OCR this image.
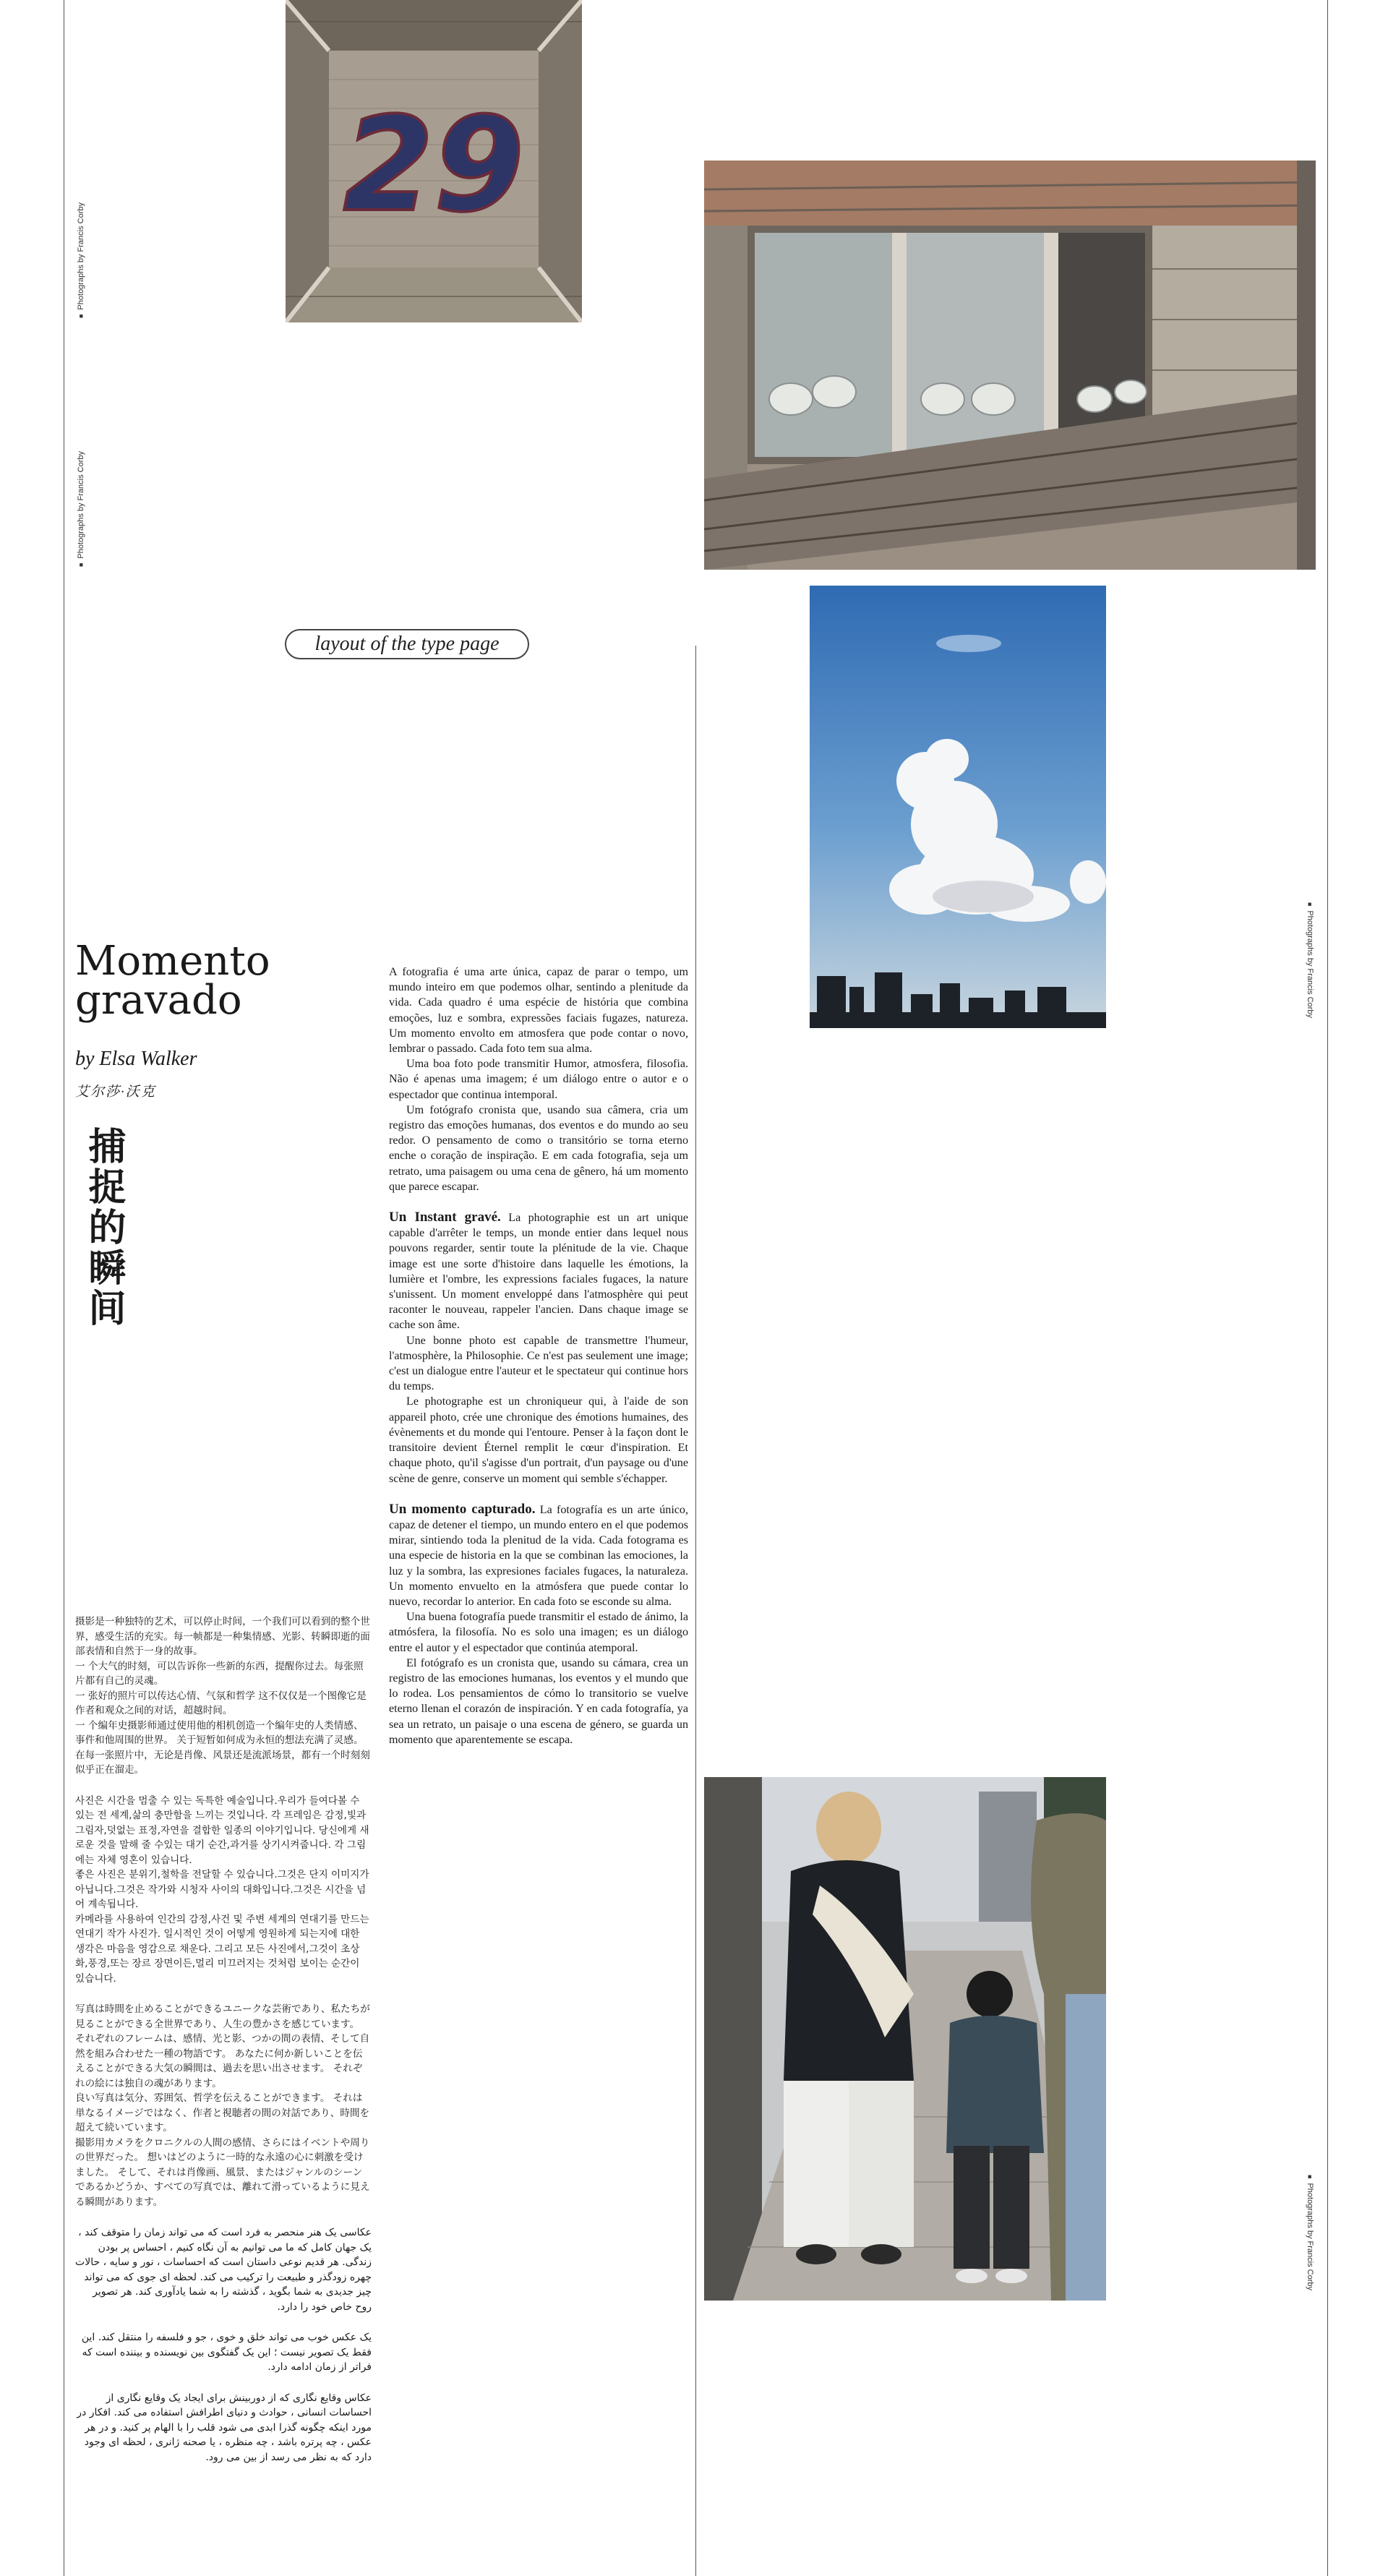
■ Photographs by Francis Corby
■ Photographs by Francis Corby
■ Photographs by Francis Corby
■ Photographs by Francis Corby
29
layout of the type page
Momento
gravado
by Elsa Walker
艾尔莎·沃克
捕捉的瞬间

摄影是一种独特的艺术，可以停止时间，一个我们可以看到的整个世界，感受生活的充实。每一帧都是一种集情感、光影、转瞬即逝的面部表情和自然于一身的故事。
一 个大气的时刻，可以告诉你一些新的东西，提醒你过去。每张照片都有自己的灵魂。
一 张好的照片可以传达心情、气氛和哲学 这不仅仅是一个图像它是作者和观众之间的对话，超越时间。
一 个编年史摄影师通过使用他的相机创造一个编年史的人类情感、事件和他周围的世界。 关于短暂如何成为永恒的想法充满了灵感。 在每一张照片中，无论是肖像、风景还是流派场景，都有一个时刻刻似乎正在溜走。

사진은 시간을 멈출 수 있는 독특한 예술입니다.우리가 들여다볼 수 있는 전 세계,삶의 충만함을 느끼는 것입니다. 각 프레임은 감정,빛과 그림자,덧없는 표정,자연을 결합한 일종의 이야기입니다. 당신에게 새로운 것을 말해 줄 수있는 대기 순간,과거를 상기시켜줍니다. 각 그림에는 자체 영혼이 있습니다.
좋은 사진은 분위기,철학을 전달할 수 있습니다.그것은 단지 이미지가 아닙니다.그것은 작가와 시청자 사이의 대화입니다.그것은 시간을 넘어 계속됩니다.
카메라를 사용하여 인간의 감정,사건 및 주변 세계의 연대기를 만드는 연대기 작가 사진가. 일시적인 것이 어떻게 영원하게 되는지에 대한 생각은 마음을 영감으로 채운다. 그리고 모든 사진에서,그것이 초상화,풍경,또는 장르 장면이든,멀리 미끄러지는 것처럼 보이는 순간이 있습니다.

写真は時間を止めることができるユニークな芸術であり、私たちが見ることができる全世界であり、人生の豊かさを感じています。 それぞれのフレームは、感情、光と影、つかの間の表情、そして自然を組み合わせた一種の物語です。 あなたに何か新しいことを伝えることができる大気の瞬間は、過去を思い出させます。 それぞれの絵には独自の魂があります。
良い写真は気分、雰囲気、哲学を伝えることができます。 それは単なるイメージではなく、作者と視聴者の間の対話であり、時間を超えて続いています。
撮影用カメラをクロニクルの人間の感情、さらにはイベントや周りの世界だった。 想いはどのように一時的な永遠の心に刺激を受けました。 そして、それは肖像画、風景、またはジャンルのシーンであるかどうか、すべての写真では、離れて滑っているように見える瞬間があります。

عکاسی یک هنر منحصر به فرد است که می تواند زمان را متوقف کند ، یک جهان کامل که ما می توانیم به آن نگاه کنیم ، احساس پر بودن زندگی. هر قدیم نوعی داستان است که احساسات ، نور و سایه ، حالات چهره زودگذر و طبیعت را ترکیب می کند. لحظه ای جوی که می تواند چیز جدیدی به شما بگوید ، گذشته را به شما یادآوری کند. هر تصویر روح خاص خود را دارد.

یک عکس خوب می تواند خلق و خوی ، جو و فلسفه را منتقل کند. این فقط یک تصویر نیست ؛ این یک گفتگوی بین نویسنده و بیننده است که فراتر از زمان ادامه دارد.

عکاس وقایع نگاری که از دوربینش برای ایجاد یک وقایع نگاری از احساسات انسانی ، حوادث و دنیای اطرافش استفاده می کند. افکار در مورد اینکه چگونه گذرا ابدی می شود قلب را با الهام پر کنید. و در هر عکس ، چه پرتره باشد ، چه منظره ، یا صحنه ژانری ، لحظه ای وجود دارد که به نظر می رسد از بین می رود.

A fotografia é uma arte única, capaz de parar o tempo, um mundo inteiro em que podemos olhar, sentindo a plenitude da vida. Cada quadro é uma espécie de história que combina emoções, luz e sombra, expressões faciais fugazes, natureza. Um momento envolto em atmosfera que pode contar o novo, lembrar o passado. Cada foto tem sua alma.

Uma boa foto pode transmitir Humor, atmosfera, filosofia. Não é apenas uma imagem; é um diálogo entre o autor e o espectador que continua intemporal.

Um fotógrafo cronista que, usando sua câmera, cria um registro das emoções humanas, dos eventos e do mundo ao seu redor. O pensamento de como o transitório se torna eterno enche o coração de inspiração. E em cada fotografia, seja um retrato, uma paisagem ou uma cena de gênero, há um momento que parece escapar.

Un Instant gravé. La photographie est un art unique capable d'arrêter le temps, un monde entier dans lequel nous pouvons regarder, sentir toute la plénitude de la vie. Chaque image est une sorte d'histoire dans laquelle les émotions, la lumière et l'ombre, les expressions faciales fugaces, la nature s'unissent. Un moment enveloppé dans l'atmosphère qui peut raconter le nouveau, rappeler l'ancien. Dans chaque image se cache son âme.

Une bonne photo est capable de transmettre l'humeur, l'atmosphère, la Philosophie. Ce n'est pas seulement une image; c'est un dialogue entre l'auteur et le spectateur qui continue hors du temps.

Le photographe est un chroniqueur qui, à l'aide de son appareil photo, crée une chronique des émotions humaines, des évènements et du monde qui l'entoure. Penser à la façon dont le transitoire devient Éternel remplit le cœur d'inspiration. Et chaque photo, qu'il s'agisse d'un portrait, d'un paysage ou d'une scène de genre, conserve un moment qui semble s'échapper.

Un momento capturado. La fotografía es un arte único, capaz de detener el tiempo, un mundo entero en el que podemos mirar, sintiendo toda la plenitud de la vida. Cada fotograma es una especie de historia en la que se combinan las emociones, la luz y la sombra, las expresiones faciales fugaces, la naturaleza. Un momento envuelto en la atmósfera que puede contar lo nuevo, recordar lo anterior. En cada foto se esconde su alma.

Una buena fotografía puede transmitir el estado de ánimo, la atmósfera, la filosofía. No es solo una imagen; es un diálogo entre el autor y el espectador que continúa atemporal.

El fotógrafo es un cronista que, usando su cámara, crea un registro de las emociones humanas, los eventos y el mundo que lo rodea. Los pensamientos de cómo lo transitorio se vuelve eterno llenan el corazón de inspiración. Y en cada fotografía, ya sea un retrato, un paisaje o una escena de género, se guarda un momento que aparentemente se escapa.
